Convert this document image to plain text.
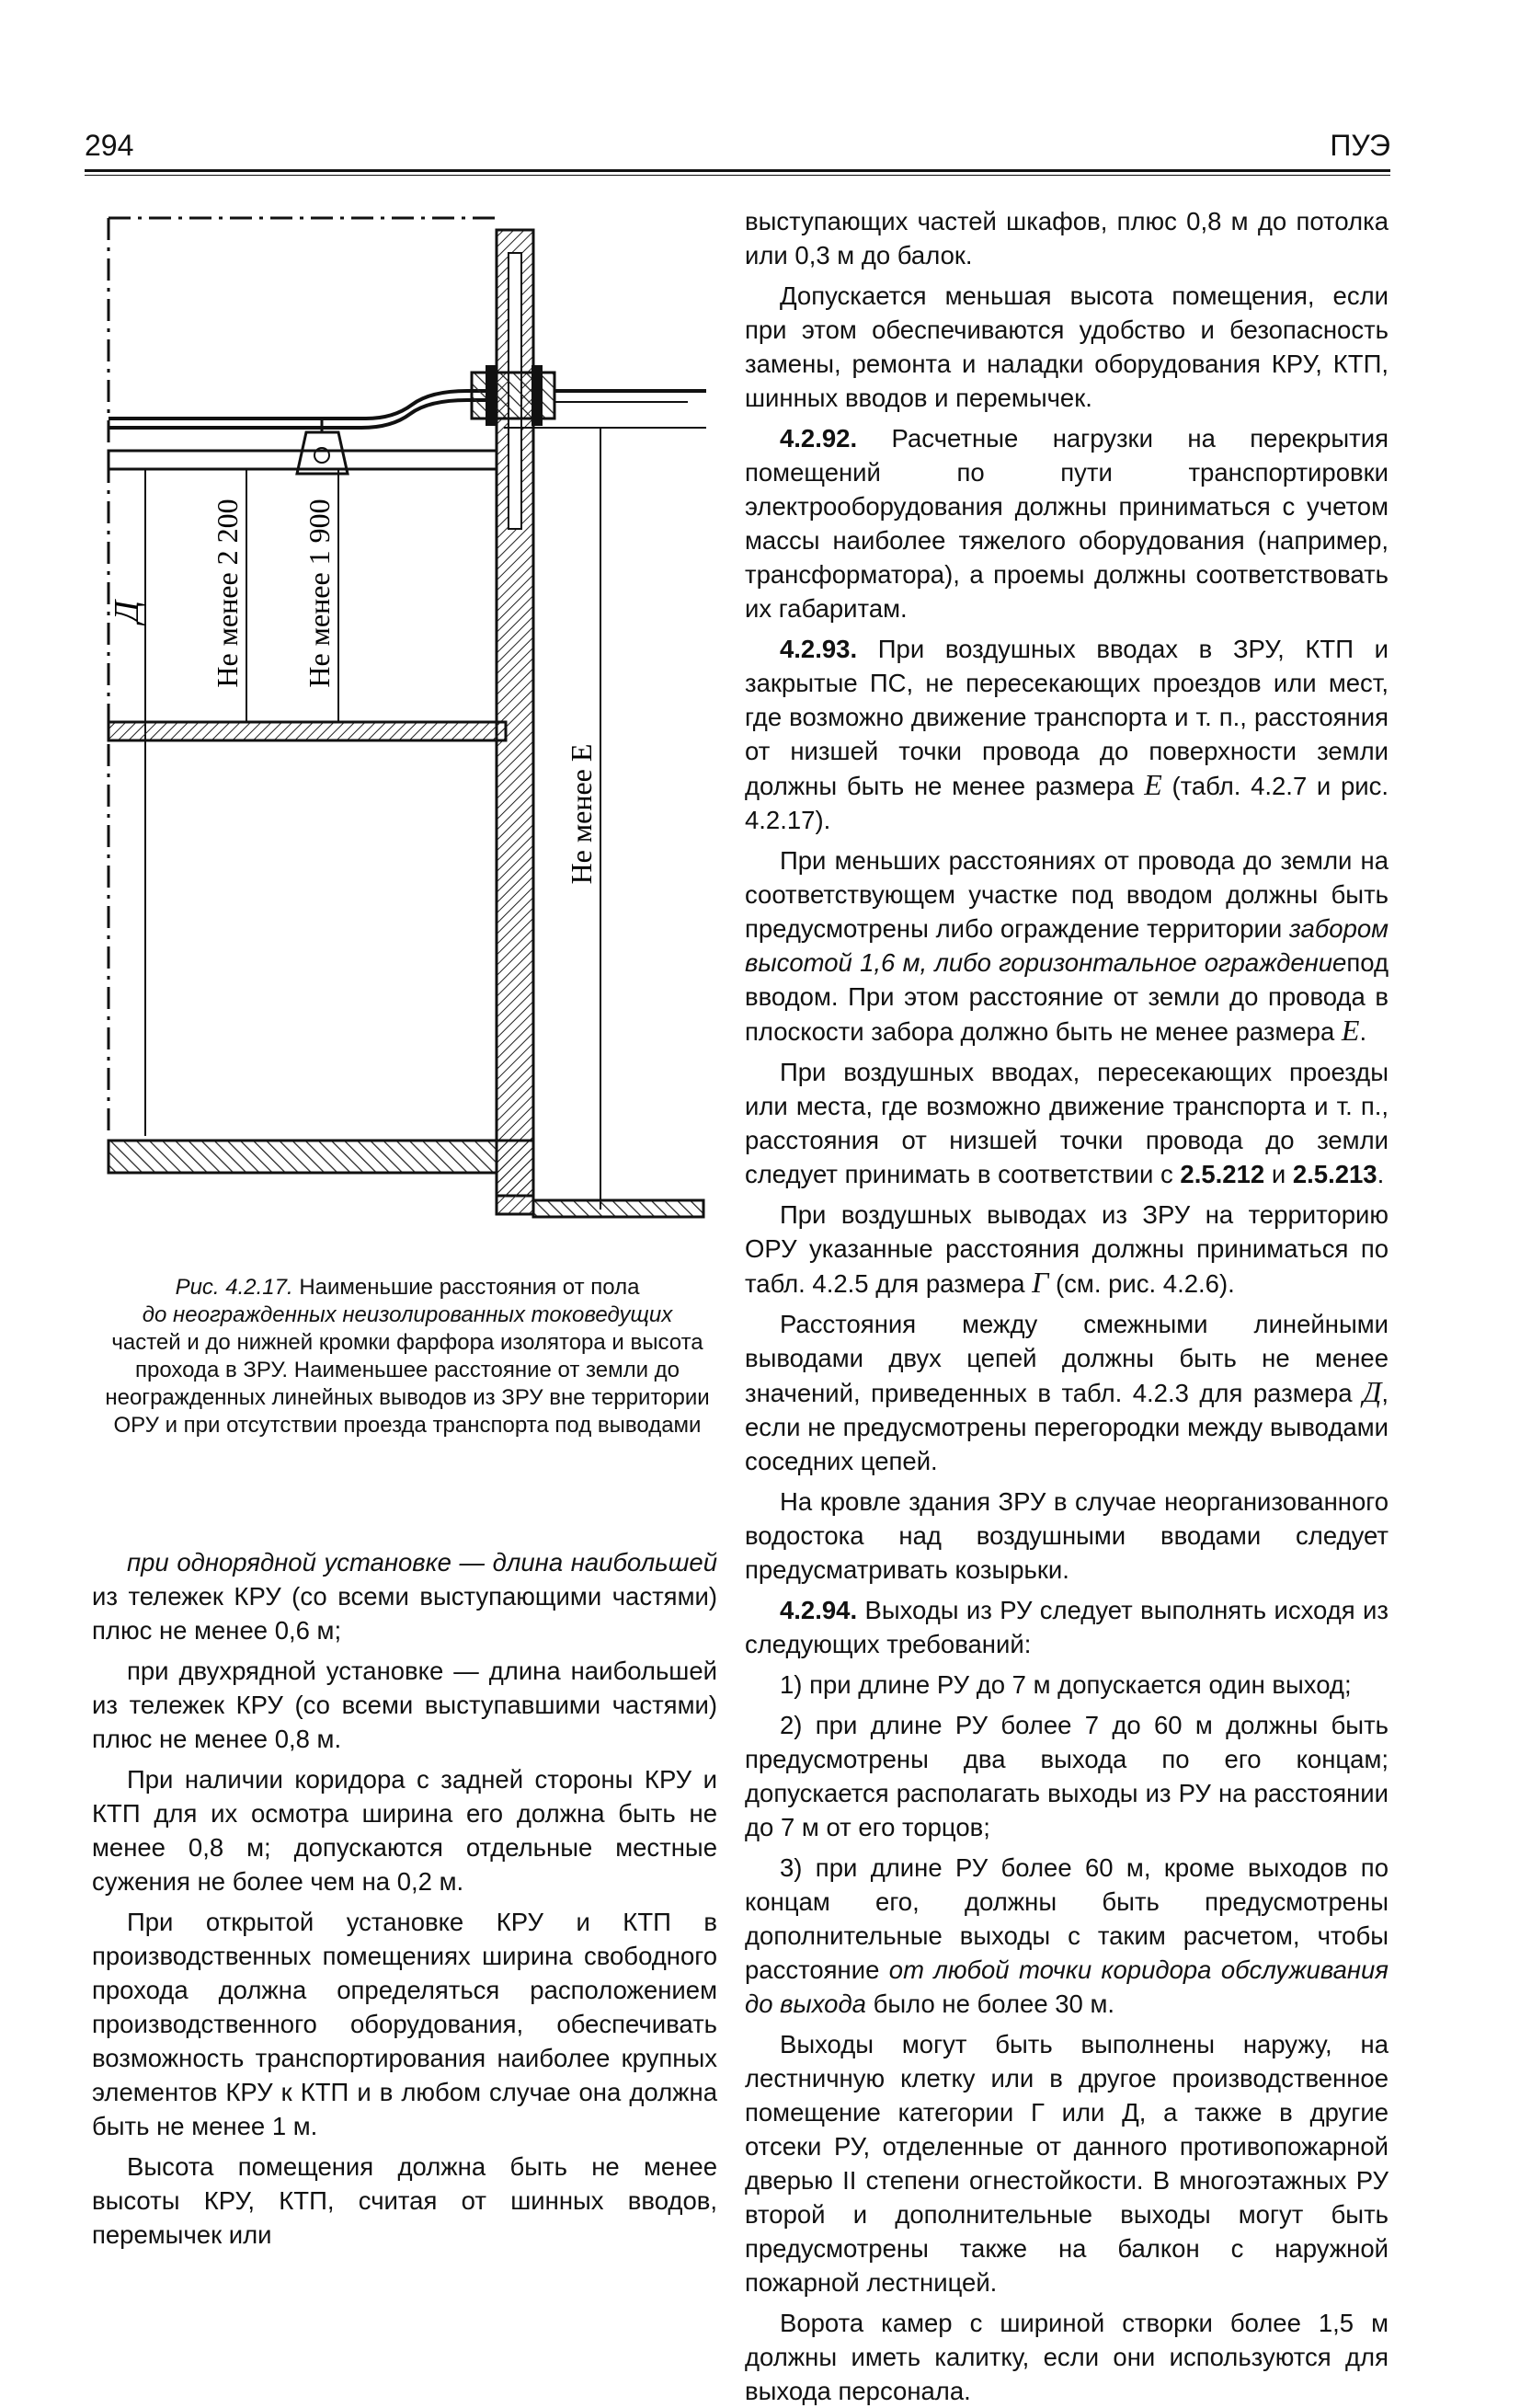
294	ПУЭ
Д Не менее 2 200 Не менее 1 900
Не менее Е
Рис. 4.2.17. Наименьшие расстояния от пола
до неогражденных неизолированных токоведущих
частей и до нижней кромки фарфора изолятора и высота прохода в ЗРУ. Наименьшее расстояние от земли до неогражденных линейных выводов из ЗРУ вне территории ОРУ и при отсутствии проезда транспорта под выводами

при однорядной установке — длина наибольшей из тележек КРУ (со всеми выступающими частями) плюс не менее 0,6 м;

при двухрядной установке — длина наибольшей из тележек КРУ (со всеми выступавшими частями) плюс не менее 0,8 м.

При наличии коридора с задней стороны КРУ и КТП для их осмотра ширина его должна быть не менее 0,8 м; допускаются отдельные местные сужения не более чем на 0,2 м.

При открытой установке КРУ и КТП в производственных помещениях ширина свободного прохода должна определяться расположением производственного оборудования, обеспечивать возможность транспортирования наиболее крупных элементов КРУ к КТП и в любом случае она должна быть не менее 1 м.

Высота помещения должна быть не менее высоты КРУ, КТП, считая от шинных вводов, перемычек или

выступающих частей шкафов, плюс 0,8 м до потолка или 0,3 м до балок.

Допускается меньшая высота помещения, если при этом обеспечиваются удобство и безопасность замены, ремонта и наладки оборудования КРУ, КТП, шинных вводов и перемычек.

4.2.92. Расчетные нагрузки на перекрытия помещений по пути транспортировки электрооборудования должны приниматься с учетом массы наиболее тяжелого оборудования (например, трансформатора), а проемы должны соответствовать их габаритам.

4.2.93. При воздушных вводах в ЗРУ, КТП и закрытые ПС, не пересекающих проездов или мест, где возможно движение транспорта и т. п., расстояния от низшей точки провода до поверхности земли должны быть не менее размера Е (табл. 4.2.7 и рис. 4.2.17).

При меньших расстояниях от провода до земли на соответствующем участке под вводом должны быть предусмотрены либо ограждение территории забором высотой 1,6 м, либо горизонтальное ограждениепод вводом. При этом расстояние от земли до провода в плоскости забора должно быть не менее размера Е.

При воздушных вводах, пересекающих проезды или места, где возможно движение транспорта и т. п., расстояния от низшей точки провода до земли следует принимать в соответствии с 2.5.212 и 2.5.213.

При воздушных выводах из ЗРУ на территорию ОРУ указанные расстояния должны приниматься по табл. 4.2.5 для размера Г (см. рис. 4.2.6).

Расстояния между смежными линейными выводами двух цепей должны быть не менее значений, приведенных в табл. 4.2.3 для размера Д, если не предусмотрены перегородки между выводами соседних цепей.

На кровле здания ЗРУ в случае неорганизованного водостока над воздушными вводами следует предусматривать козырьки.

4.2.94. Выходы из РУ следует выполнять исходя из следующих требований:

1) при длине РУ до 7 м допускается один выход;

2) при длине РУ более 7 до 60 м должны быть предусмотрены два выхода по его концам; допускается располагать выходы из РУ на расстоянии до 7 м от его торцов;

3) при длине РУ более 60 м, кроме выходов по концам его, должны быть предусмотрены дополнительные выходы с таким расчетом, чтобы расстояние от любой точки коридора обслуживания до выхода было не более 30 м.

Выходы могут быть выполнены наружу, на лестничную клетку или в другое производственное помещение категории Г или Д, а также в другие отсеки РУ, отделенные от данного противопожарной дверью II степени огнестойкости. В многоэтажных РУ второй и дополнительные выходы могут быть предусмотрены также на балкон с наружной пожарной лестницей.

Ворота камер с шириной створки более 1,5 м должны иметь калитку, если они используются для выхода персонала.
